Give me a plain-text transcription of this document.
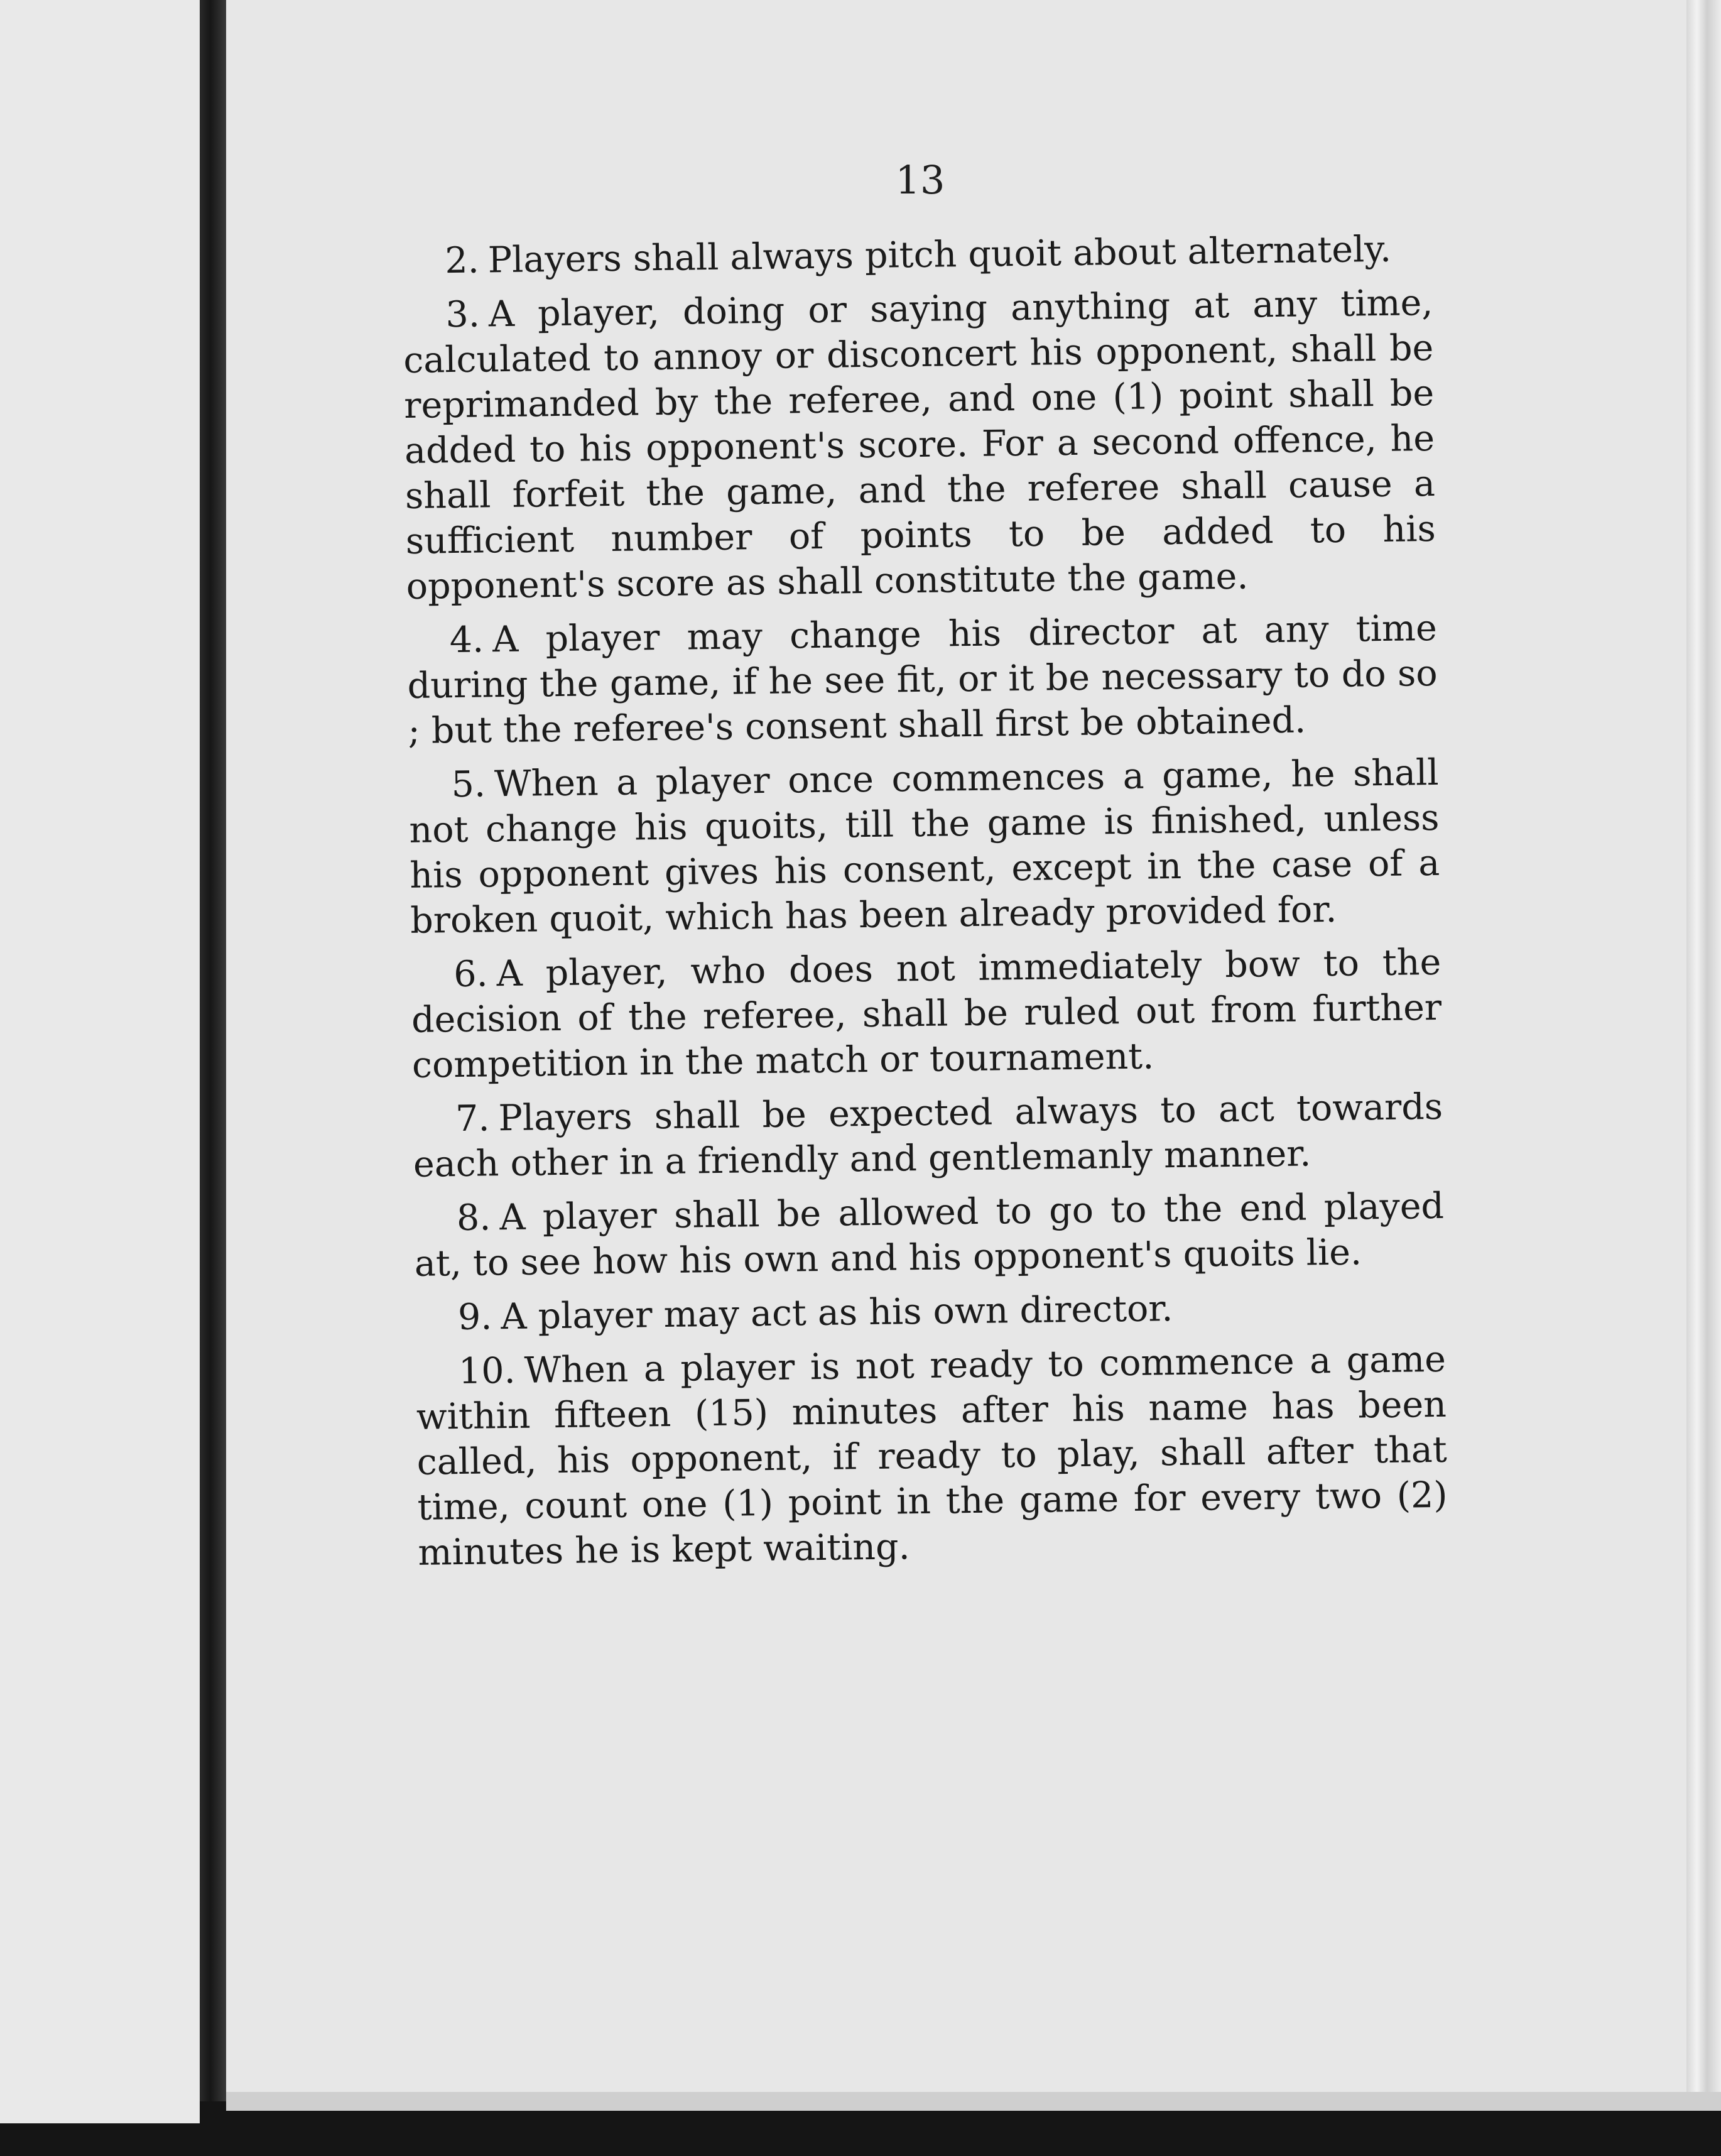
13

2. Players shall always pitch quoit about alternately.

3. A player, doing or saying anything at any time, calculated to annoy or disconcert his opponent, shall be reprimanded by the referee, and one (1) point shall be added to his opponent's score. For a second offence, he shall forfeit the game, and the referee shall cause a sufficient number of points to be added to his opponent's score as shall constitute the game.

4. A player may change his director at any time during the game, if he see fit, or it be necessary to do so ; but the referee's consent shall first be obtained.

5. When a player once commences a game, he shall not change his quoits, till the game is finished, unless his opponent gives his consent, except in the case of a broken quoit, which has been already provided for.

6. A player, who does not immediately bow to the decision of the referee, shall be ruled out from further competition in the match or tournament.

7. Players shall be expected always to act towards each other in a friendly and gentlemanly manner.

8. A player shall be allowed to go to the end played at, to see how his own and his opponent's quoits lie.

9. A player may act as his own director.

10. When a player is not ready to commence a game within fifteen (15) minutes after his name has been called, his opponent, if ready to play, shall after that time, count one (1) point in the game for every two (2) minutes he is kept waiting.
